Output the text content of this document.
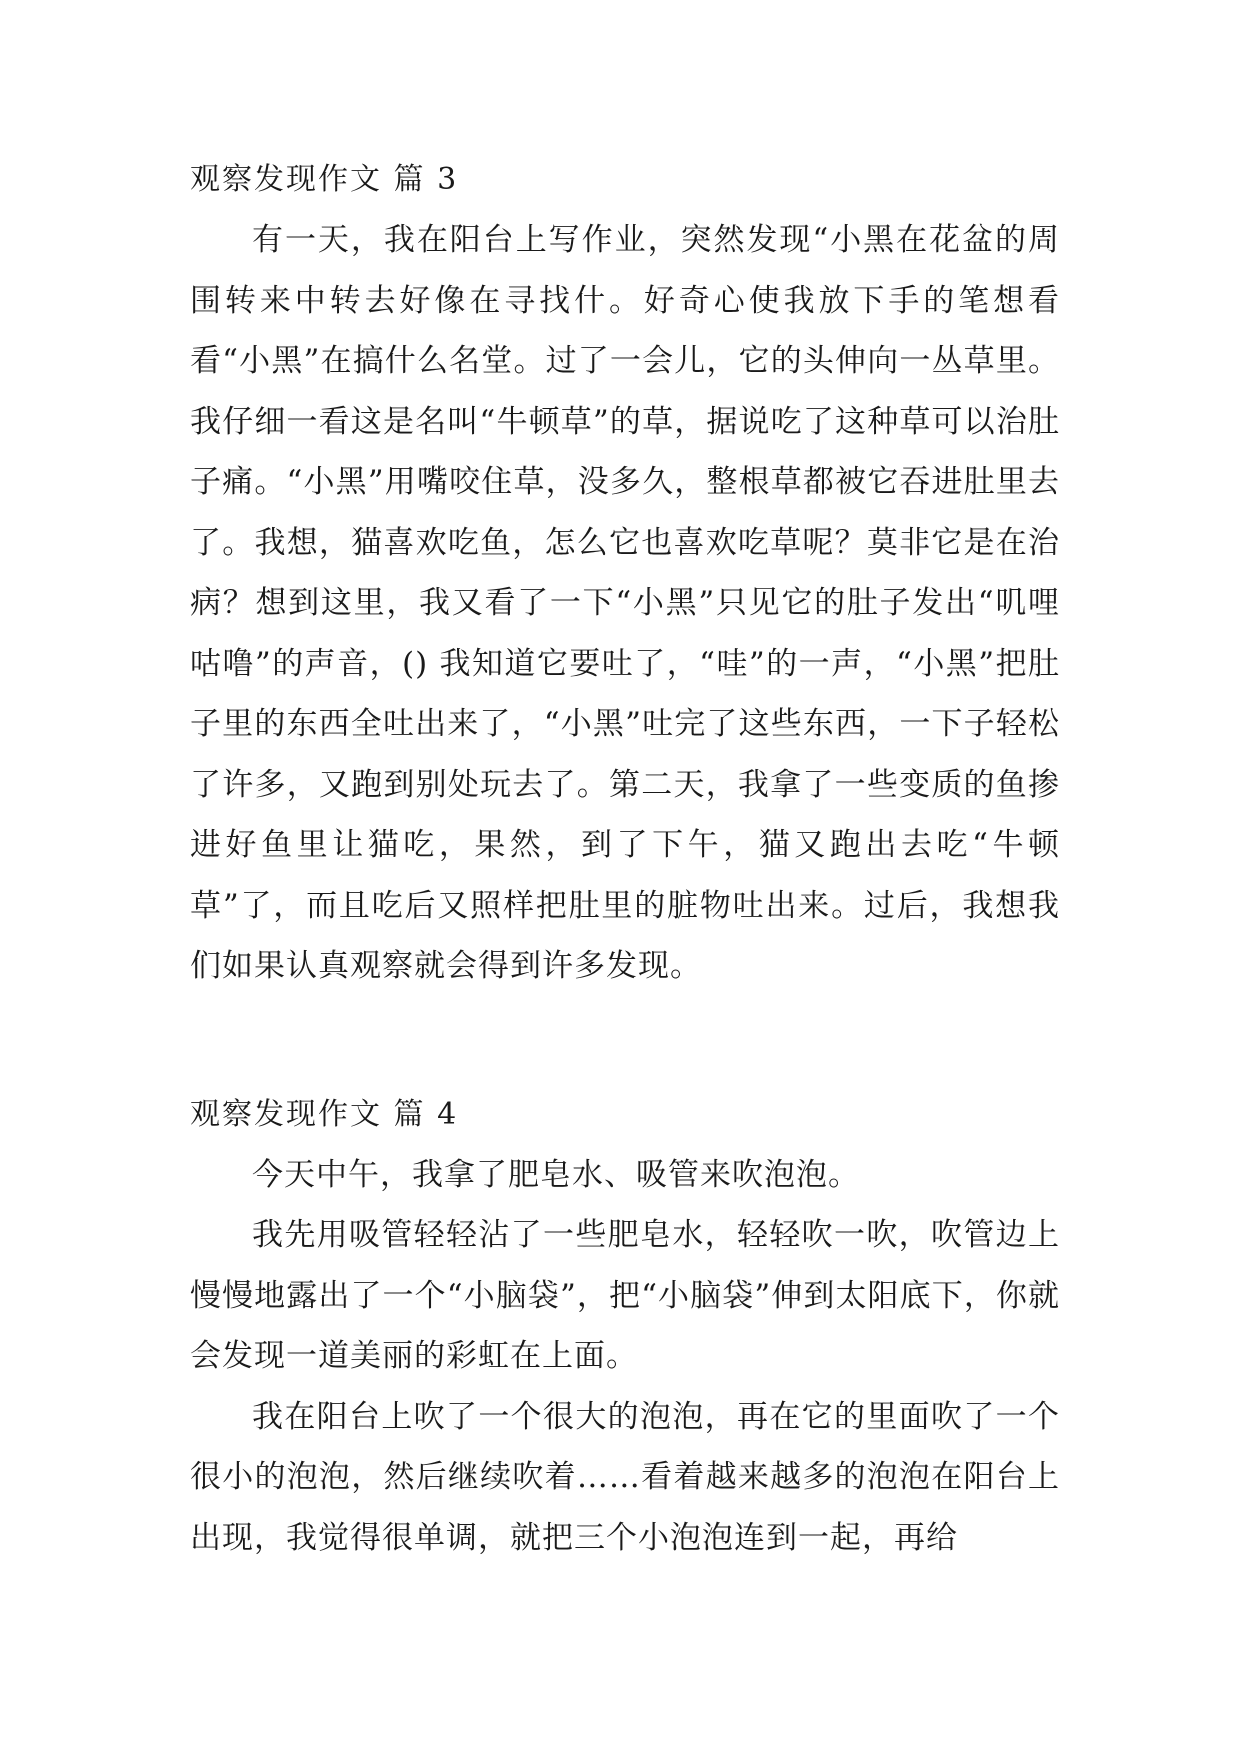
观察发现作文 篇 3

有一天，我在阳台上写作业，突然发现“小黑在花盆的周围转来中转去好像在寻找什。好奇心使我放下手的笔想看看“小黑”在搞什么名堂。过了一会儿，它的头伸向一丛草里。我仔细一看这是名叫“牛顿草”的草，据说吃了这种草可以治肚子痛。“小黑”用嘴咬住草，没多久，整根草都被它吞进肚里去了。我想，猫喜欢吃鱼，怎么它也喜欢吃草呢？莫非它是在治病？想到这里，我又看了一下“小黑”只见它的肚子发出“叽哩咕噜”的声音，() 我知道它要吐了，“哇”的一声，“小黑”把肚子里的东西全吐出来了，“小黑”吐完了这些东西，一下子轻松了许多，又跑到别处玩去了。第二天，我拿了一些变质的鱼掺进好鱼里让猫吃，果然，到了下午，猫又跑出去吃“牛顿草”了，而且吃后又照样把肚里的脏物吐出来。过后，我想我们如果认真观察就会得到许多发现。

观察发现作文 篇 4

今天中午，我拿了肥皂水、吸管来吹泡泡。

我先用吸管轻轻沾了一些肥皂水，轻轻吹一吹，吹管边上慢慢地露出了一个“小脑袋”，把“小脑袋”伸到太阳底下，你就会发现一道美丽的彩虹在上面。

我在阳台上吹了一个很大的泡泡，再在它的里面吹了一个很小的泡泡，然后继续吹着……看着越来越多的泡泡在阳台上出现，我觉得很单调，就把三个小泡泡连到一起，再给
